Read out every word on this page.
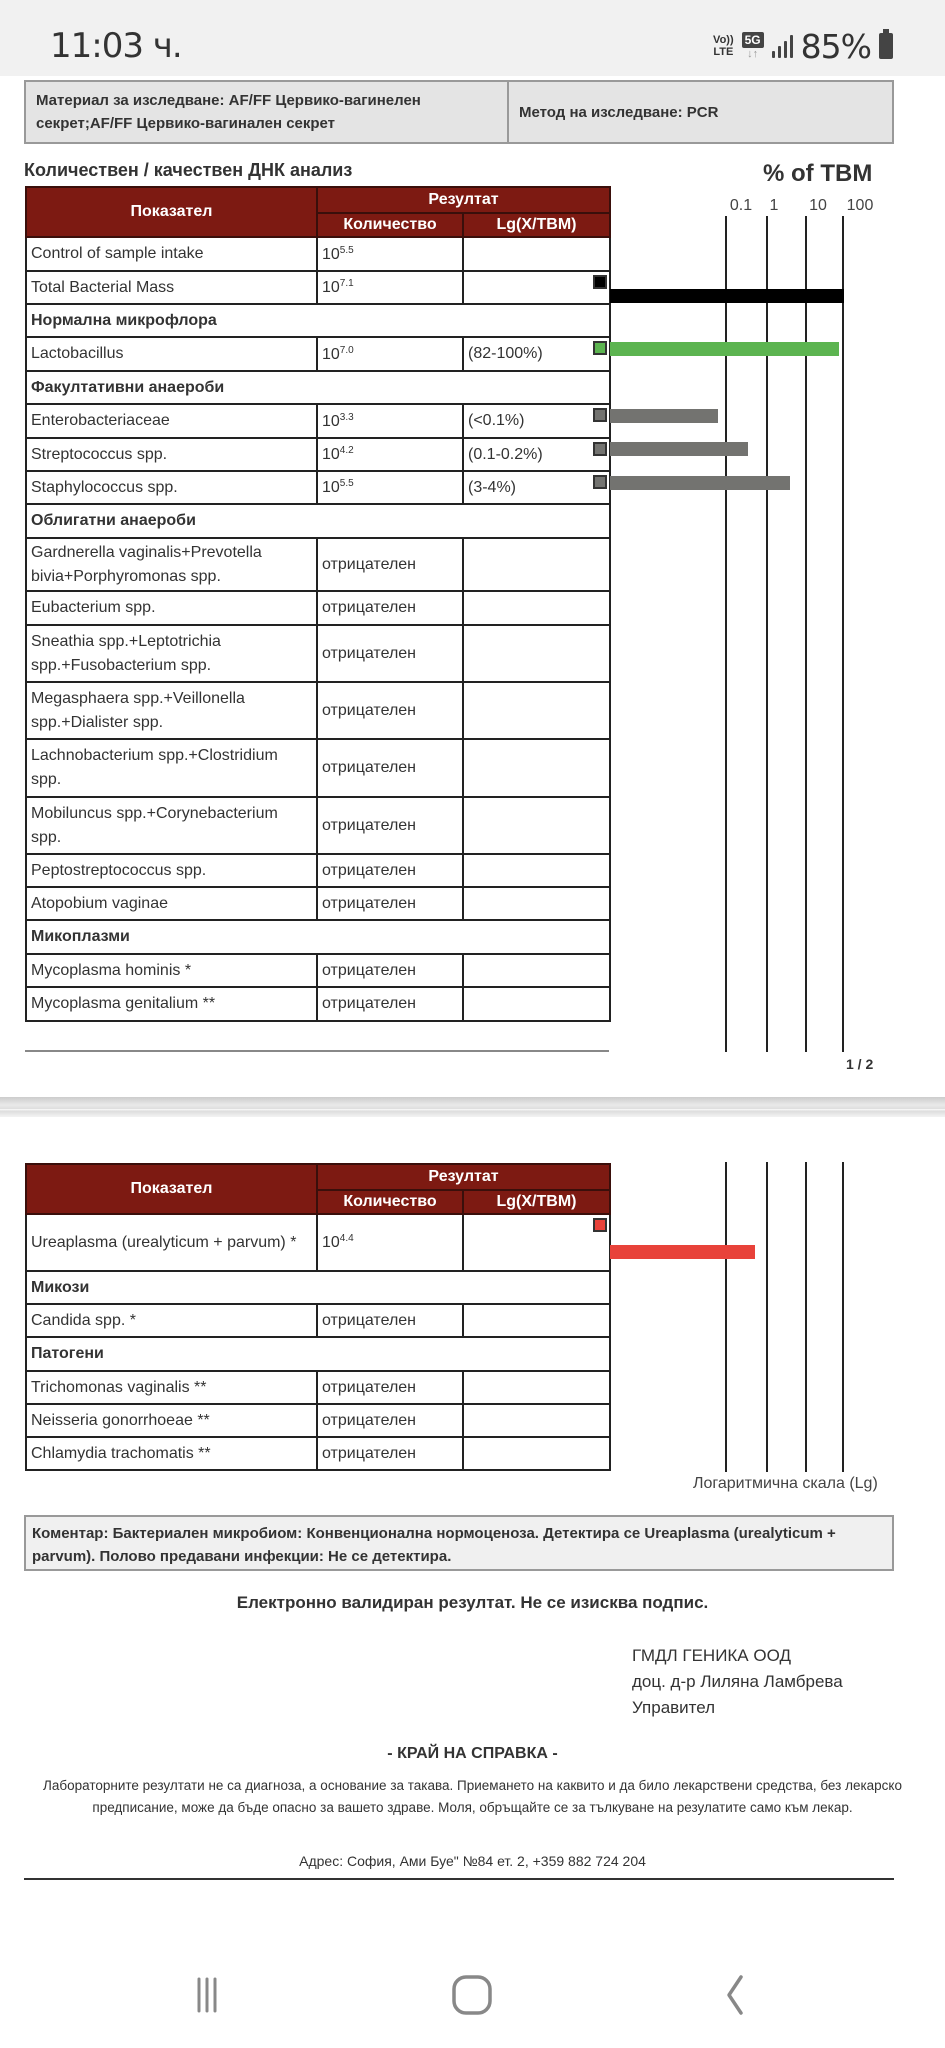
11:03 ч.	Vo))
LTE
5G
↓↑ 85%
Материал за изследване: AF/FF Цервико-вагинелен секрет;AF/FF Цервико-вагинален секрет
Метод на изследване: PCR
Количествен / качествен ДНК анализ	% of TBM
0.1 1 10 100
Показател	Резултат	
	Количество	Lg(X/TBM)
Control of sample intake	$10^{5.5}$	
Total Bacterial Mass	$10^{7.1}$	

Нормална микрофлора		
Lactobacillus	$10^{7.0}$	(82-100%)

Факултативни анаероби		
Enterobacteriaceae	$10^{3.3}$	(<0.1%)

Streptococcus spp.	$10^{4.2}$	(0.1-0.2%)

Staphylococcus spp.	$10^{5.5}$	(3-4%)

Облигатни анаероби		
Gardnerella vaginalis+Prevotella bivia+Porphyromonas spp.	отрицателен	
Eubacterium spp.	отрицателен	
Sneathia spp.+Leptotrichia spp.+Fusobacterium spp.	отрицателен	
Megasphaera spp.+Veillonella spp.+Dialister spp.	отрицателен	
Lachnobacterium spp.+Clostridium spp.	отрицателен	
Mobiluncus spp.+Corynebacterium spp.	отрицателен	
Peptostreptococcus spp.	отрицателен	
Atopobium vaginae	отрицателен	
Микоплазми		
Mycoplasma hominis *	отрицателен	
Mycoplasma genitalium **	отрицателен	
1 / 2
Показател	Резултат	
	Количество	Lg(X/TBM)
Ureaplasma (urealyticum + parvum) *	$10^{4.4}$	

Микози		
Candida spp. *	отрицателен	
Патогени		
Trichomonas vaginalis **	отрицателен	
Neisseria gonorrhoeae **	отрицателен	
Chlamydia trachomatis **	отрицателен	
Логаритмична скала (Lg)
Коментар: Бактериален микробиом: Конвенционална нормоценоза. Детектира се Ureaplasma (urealyticum + parvum). Полово предавани инфекции: Не се детектира.
Електронно валидиран резултат. Не се изисква подпис.
ГМДЛ ГЕНИКА ООД
доц. д-р Лиляна Ламбрева
Управител
- КРАЙ НА СПРАВКА -
Лабораторните резултати не са диагноза, а основание за такава. Приемането на каквито и да било лекарствени средства, без лекарско предписание, може да бъде опасно за вашето здраве. Моля, обръщайте се за тълкуване на резулатите само към лекар.
Адрес: София, Ами Буе" №84 ет. 2, +359 882 724 204
